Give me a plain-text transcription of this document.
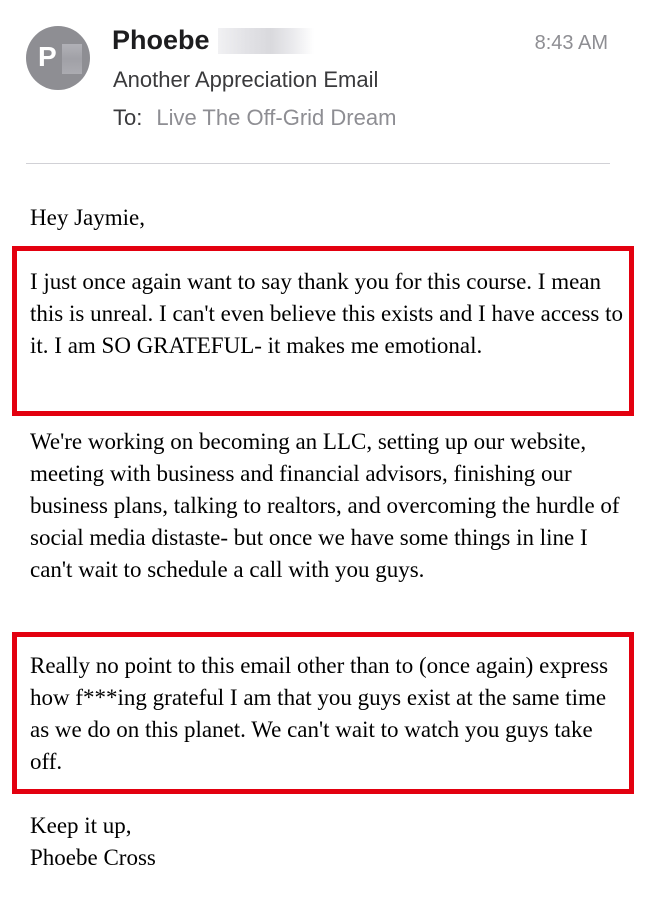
P
Phoebe	8:43 AM
Another Appreciation Email
To: Live The Off-Grid Dream
Hey Jaymie,

I just once again want to say thank you for this course. I mean this is unreal. I can't even believe this exists and I have access to it. I am SO GRATEFUL- it makes me emotional.

We're working on becoming an LLC, setting up our website, meeting with business and financial advisors, finishing our business plans, talking to realtors, and overcoming the hurdle of social media distaste- but once we have some things in line I can't wait to schedule a call with you guys.

Really no point to this email other than to (once again) express how f***ing grateful I am that you guys exist at the same time as we do on this planet. We can't wait to watch you guys take off.

Keep it up,
Phoebe Cross
